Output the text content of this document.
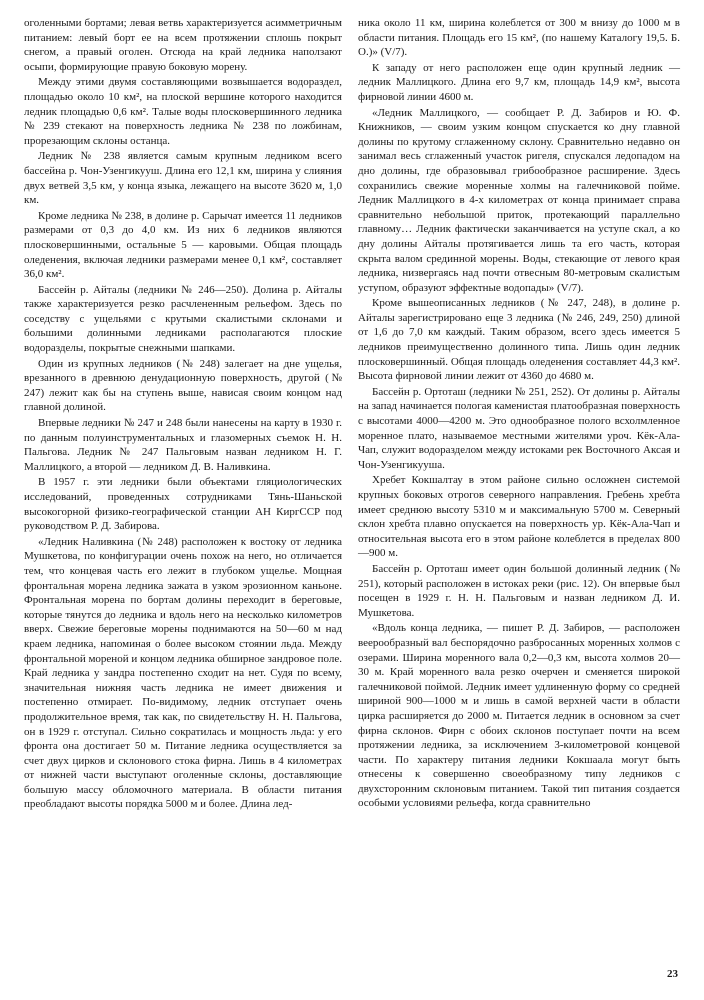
оголенными бортами; левая ветвь характеризуется асимметричным питанием: левый борт ее на всем протяжении сплошь покрыт снегом, а правый оголен. Отсюда на край ледника наползают осыпи, формирующие правую боковую морену.

Между этими двумя составляющими возвышается водораздел, площадью около 10 км², на плоской вершине которого находится ледник площадью 0,6 км². Талые воды плосковершинного ледника № 239 стекают на поверхность ледника № 238 по ложбинам, прорезающим склоны останца.

Ледник № 238 является самым крупным ледником всего бассейна р. Чон-Узенгикууш. Длина его 12,1 км, ширина у слияния двух ветвей 3,5 км, у конца языка, лежащего на высоте 3620 м, 1,0 км.

Кроме ледника № 238, в долине р. Сарычат имеется 11 ледников размерами от 0,3 до 4,0 км. Из них 6 ледников являются плосковершинными, остальные 5 — каровыми. Общая площадь оледенения, включая ледники размерами менее 0,1 км², составляет 36,0 км².

Бассейн р. Айталы (ледники № 246—250). Долина р. Айталы также характеризуется резко расчлененным рельефом. Здесь по соседству с ущельями с крутыми скалистыми склонами и большими долинными ледниками располагаются плоские водоразделы, покрытые снежными шапками.

Один из крупных ледников (№ 248) залегает на дне ущелья, врезанного в древнюю денудационную поверхность, другой (№ 247) лежит как бы на ступень выше, нависая своим концом над главной долиной.

Впервые ледники № 247 и 248 были нанесены на карту в 1930 г. по данным полуинструментальных и глазомерных съемок Н. Н. Пальгова. Ледник № 247 Пальговым назван ледником Н. Г. Маллицкого, а второй — ледником Д. В. Наливкина.

В 1957 г. эти ледники были объектами гляциологических исследований, проведенных сотрудниками Тянь-Шаньской высокогорной физико-географической станции АН КиргССР под руководством Р. Д. Забирова.

«Ледник Наливкина (№ 248) расположен к востоку от ледника Мушкетова, по конфигурации очень похож на него, но отличается тем, что концевая часть его лежит в глубоком ущелье. Мощная фронтальная морена ледника зажата в узком эрозионном каньоне. Фронтальная морена по бортам долины переходит в береговые, которые тянутся до ледника и вдоль него на несколько километров вверх. Свежие береговые морены поднимаются на 50—60 м над краем ледника, напоминая о более высоком стоянии льда. Между фронтальной мореной и концом ледника обширное зандровое поле. Край ледника у зандра постепенно сходит на нет. Судя по всему, значительная нижняя часть ледника не имеет движения и постепенно отмирает. По-видимому, ледник отступает очень продолжительное время, так как, по свидетельству Н. Н. Пальгова, он в 1929 г. отступал. Сильно сократилась и мощность льда: у его фронта она достигает 50 м. Питание ледника осуществляется за счет двух цирков и склонового стока фирна. Лишь в 4 километрах от нижней части выступают оголенные склоны, доставляющие большую массу обломочного материала. В области питания преобладают высоты порядка 5000 м и более. Длина лед-

ника около 11 км, ширина колеблется от 300 м внизу до 1000 м в области питания. Площадь его 15 км², (по нашему Каталогу 19,5. Б. О.)» (V/7).

К западу от него расположен еще один крупный ледник — ледник Маллицкого. Длина его 9,7 км, площадь 14,9 км², высота фирновой линии 4600 м.

«Ледник Маллицкого, — сообщает Р. Д. Забиров и Ю. Ф. Книжников, — своим узким концом спускается ко дну главной долины по крутому сглаженному склону. Сравнительно недавно он занимал весь сглаженный участок ригеля, спускался ледопадом на дно долины, где образовывал грибообразное расширение. Здесь сохранились свежие моренные холмы на галечниковой пойме. Ледник Маллицкого в 4-х километрах от конца принимает справа сравнительно небольшой приток, протекающий параллельно главному… Ледник фактически заканчивается на уступе скал, а ко дну долины Айталы протягивается лишь та его часть, которая скрыта валом срединной морены. Воды, стекающие от левого края ледника, низвергаясь над почти отвесным 80-метровым скалистым уступом, образуют эффектные водопады» (V/7).

Кроме вышеописанных ледников (№ 247, 248), в долине р. Айталы зарегистрировано еще 3 ледника (№ 246, 249, 250) длиной от 1,6 до 7,0 км каждый. Таким образом, всего здесь имеется 5 ледников преимущественно долинного типа. Лишь один ледник плосковершинный. Общая площадь оледенения составляет 44,3 км². Высота фирновой линии лежит от 4360 до 4680 м.

Бассейн р. Ортоташ (ледники № 251, 252). От долины р. Айталы на запад начинается пологая каменистая платообразная поверхность с высотами 4000—4200 м. Это однообразное полого всхолмленное моренное плато, называемое местными жителями уроч. Кёк-Ала-Чап, служит водоразделом между истоками рек Восточного Аксая и Чон-Узенгикууша.

Хребет Кокшалтау в этом районе сильно осложнен системой крупных боковых отрогов северного направления. Гребень хребта имеет среднюю высоту 5310 м и максимальную 5700 м. Северный склон хребта плавно опускается на поверхность ур. Кёк-Ала-Чап и относительная высота его в этом районе колеблется в пределах 800—900 м.

Бассейн р. Ортоташ имеет один большой долинный ледник (№ 251), который расположен в истоках реки (рис. 12). Он впервые был посещен в 1929 г. Н. Н. Пальговым и назван ледником Д. И. Мушкетова.

«Вдоль конца ледника, — пишет Р. Д. Забиров, — расположен веерообразный вал беспорядочно разбросанных моренных холмов с озерами. Ширина моренного вала 0,2—0,3 км, высота холмов 20—30 м. Край моренного вала резко очерчен и сменяется широкой галечниковой поймой. Ледник имеет удлиненную форму со средней шириной 900—1000 м и лишь в самой верхней части в области цирка расширяется до 2000 м. Питается ледник в основном за счет фирна склонов. Фирн с обоих склонов поступает почти на всем протяжении ледника, за исключением 3-километровой концевой части. По характеру питания ледники Кокшаала могут быть отнесены к совершенно своеобразному типу ледников с двухсторонним склоновым питанием. Такой тип питания создается особыми условиями рельефа, когда сравнительно

23
